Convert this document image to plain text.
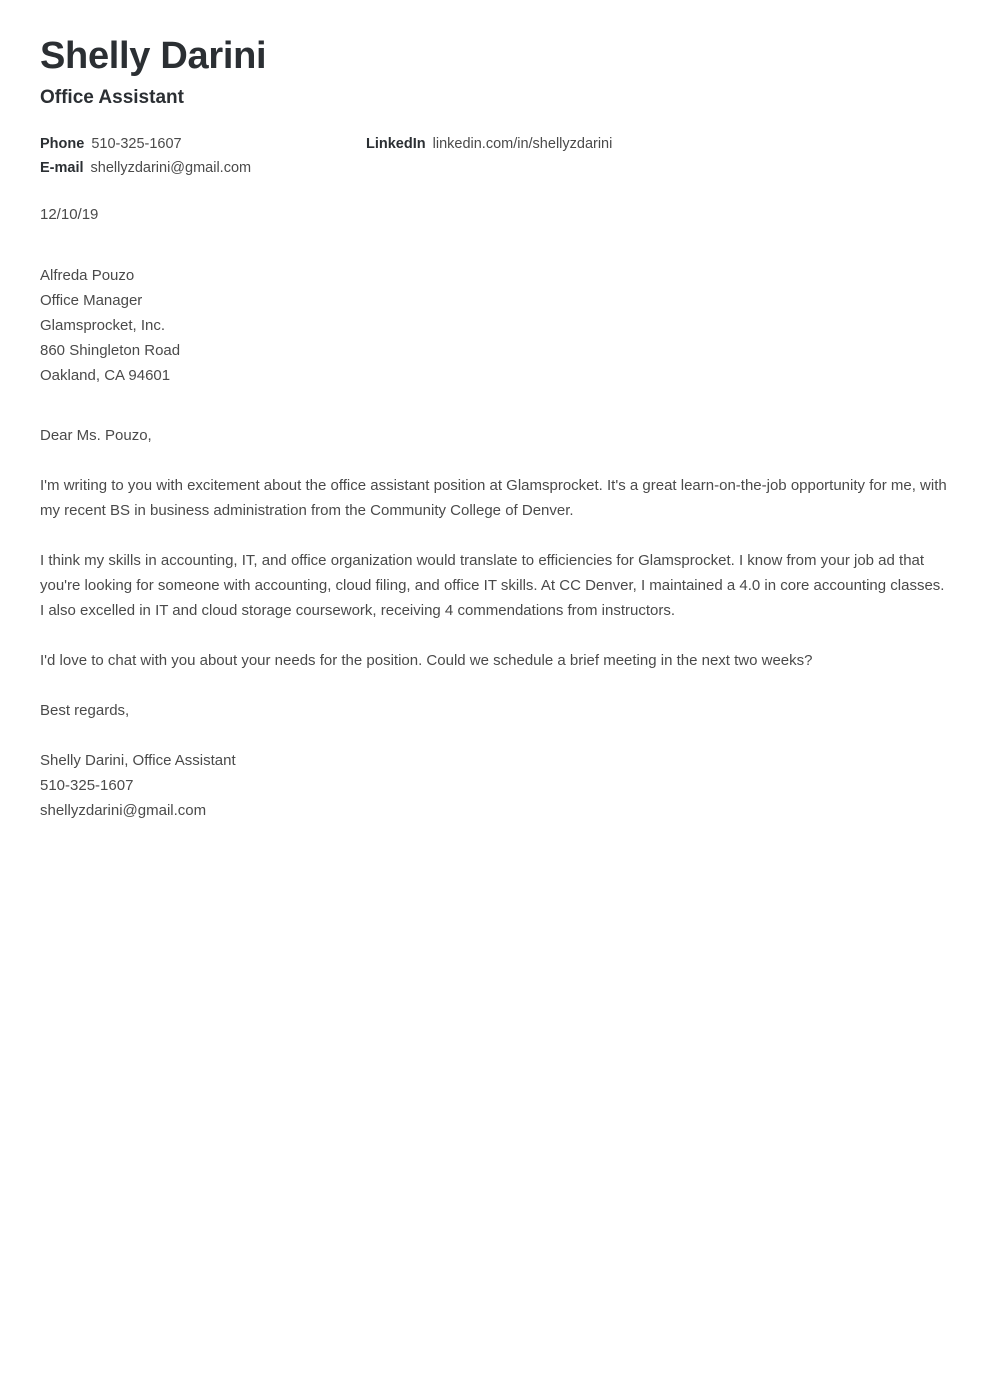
Shelly Darini
Office Assistant
Phone 510-325-1607	LinkedIn linkedin.com/in/shellyzdarini
E-mail shellyzdarini@gmail.com
12/10/19
Alfreda Pouzo
Office Manager
Glamsprocket, Inc.
860 Shingleton Road
Oakland, CA 94601

Dear Ms. Pouzo,

I'm writing to you with excitement about the office assistant position at Glamsprocket. It's a great learn-on-the-job opportunity for me, with my recent BS in business administration from the Community College of Denver.

I think my skills in accounting, IT, and office organization would translate to efficiencies for Glamsprocket. I know from your job ad that you're looking for someone with accounting, cloud filing, and office IT skills. At CC Denver, I maintained a 4.0 in core accounting classes. I also excelled in IT and cloud storage coursework, receiving 4 commendations from instructors.

I'd love to chat with you about your needs for the position. Could we schedule a brief meeting in the next two weeks?

Best regards,

Shelly Darini, Office Assistant
510-325-1607
shellyzdarini@gmail.com
